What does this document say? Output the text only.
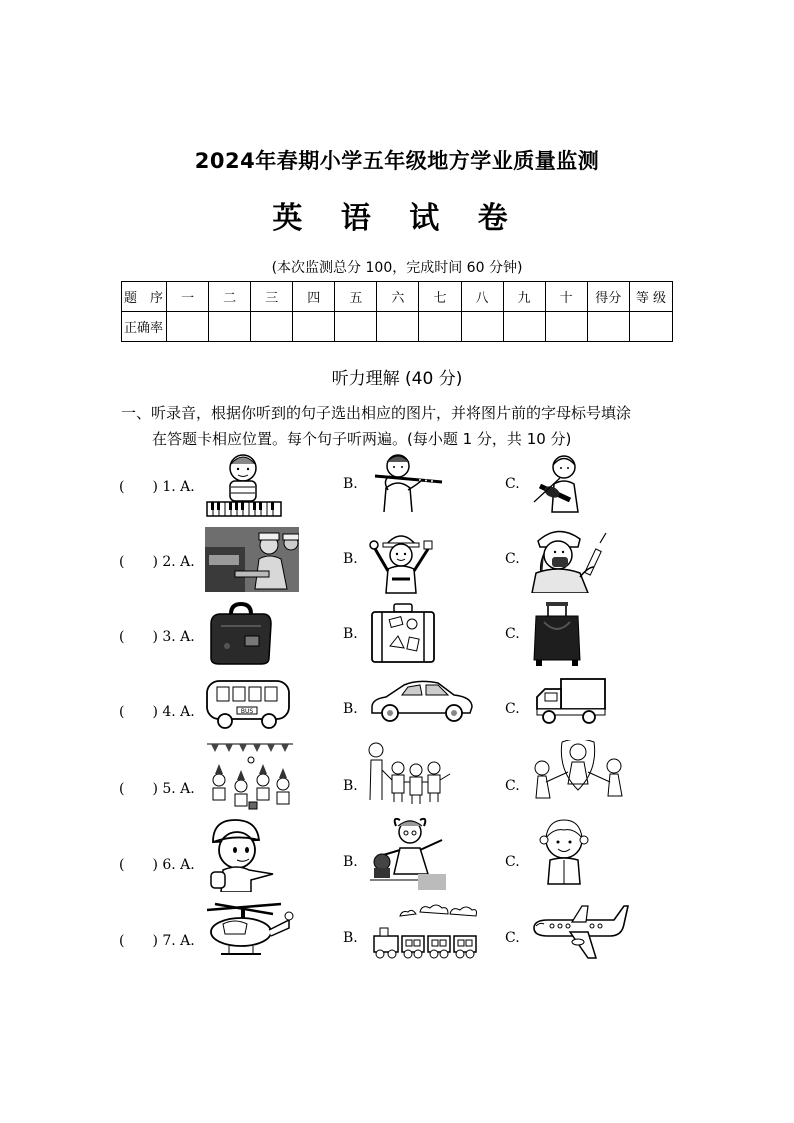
2024年春期小学五年级地方学业质量监测
英 语 试 卷
(本次监测总分 100，完成时间 60 分钟)
题　序	一	二	三	四	五	六	七	八	九	十	得分	等 级
正确率												
听力理解 (40 分)
一、听录音，根据你听到的句子选出相应的图片，并将图片前的字母标号填涂
在答题卡相应位置。每个句子听两遍。(每小题 1 分，共 10 分)
(　　) 1. A.	B.	C.
(　　) 2. A.	B.	C.
(　　) 3. A.	B.	C.
(　　) 4. A.	BUS	B.	C.
(　　) 5. A.	B.	C.
(　　) 6. A.	B.	C.
(　　) 7. A.	B.	C.
